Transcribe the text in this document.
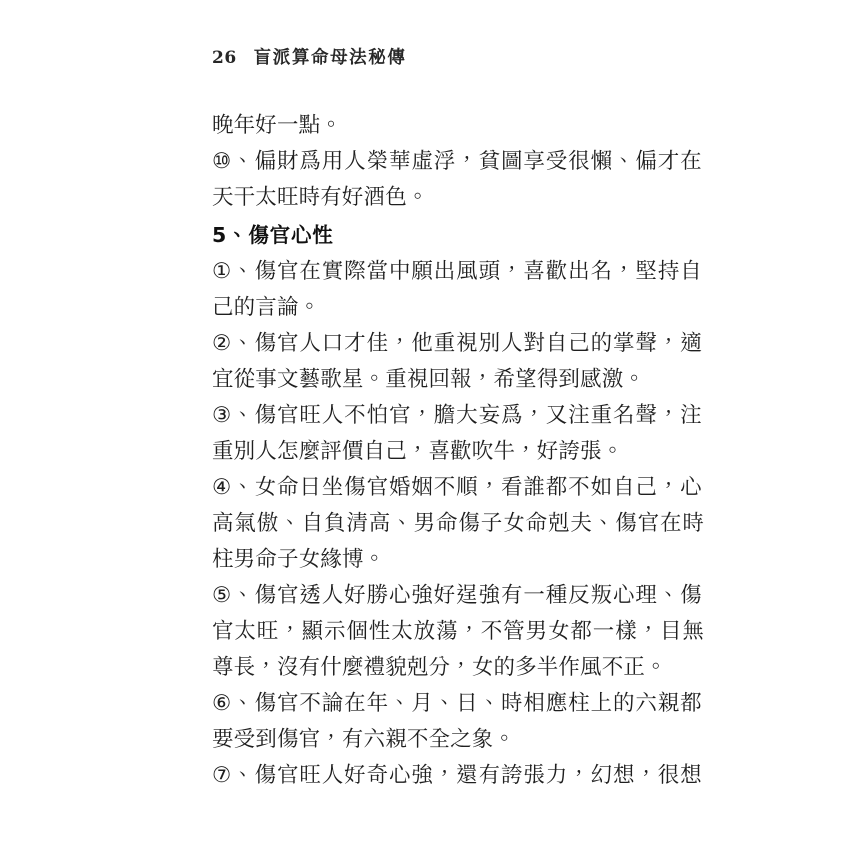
26 盲派算命母法秘傳
晚年好一點。
⑩、偏財爲用人榮華虛浮，貧圖享受很懶、偏才在
天干太旺時有好酒色。
5、傷官心性
①、傷官在實際當中願出風頭，喜歡出名，堅持自
己的言論。
②、傷官人口才佳，他重視別人對自己的掌聲，適
宜從事文藝歌星。重視回報，希望得到感激。
③、傷官旺人不怕官，膽大妄爲，又注重名聲，注
重別人怎麼評價自己，喜歡吹牛，好誇張。
④、女命日坐傷官婚姻不順，看誰都不如自己，心
高氣傲、自負清高、男命傷子女命剋夫、傷官在時
柱男命子女緣博。
⑤、傷官透人好勝心強好逞強有一種反叛心理、傷
官太旺，顯示個性太放蕩，不管男女都一樣，目無
尊長，沒有什麼禮貌剋分，女的多半作風不正。
⑥、傷官不論在年、月、日、時相應柱上的六親都
要受到傷官，有六親不全之象。
⑦、傷官旺人好奇心強，還有誇張力，幻想，很想
